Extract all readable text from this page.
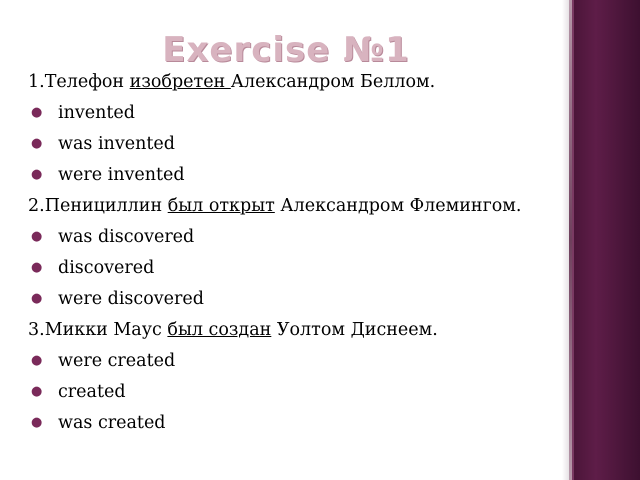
Exercise №1
1.Телефон изобретен Александром Беллом.
● invented
● was invented
● were invented
2.Пенициллин был открыт Александром Флемингом.
● was discovered
● discovered
● were discovered
3.Микки Маус был создан Уолтом Диснеем.
● were created
● created
● was created
